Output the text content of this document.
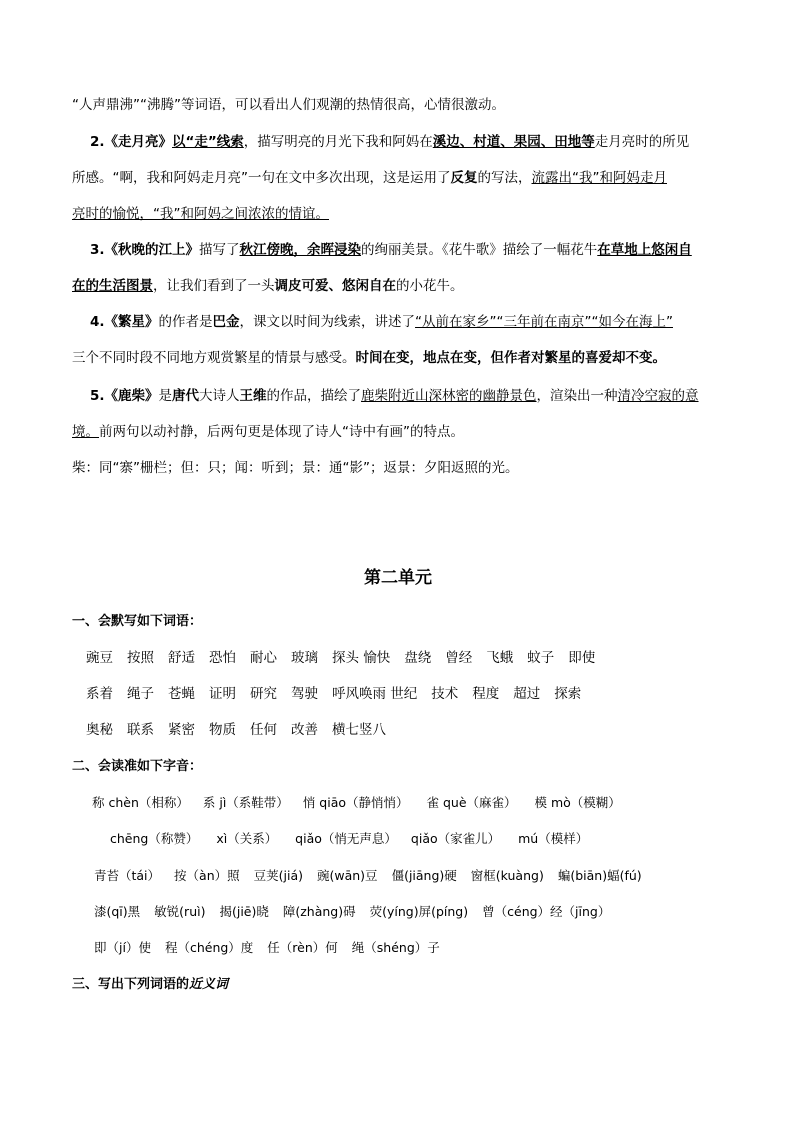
“人声鼎沸”“沸腾”等词语，可以看出人们观潮的热情很高，心情很激动。
2.《走月亮》以“走”线索，描写明亮的月光下我和阿妈在溪边、村道、果园、田地等走月亮时的所见
所感。“啊，我和阿妈走月亮”一句在文中多次出现，这是运用了反复的写法，流露出“我”和阿妈走月
亮时的愉悦，“我”和阿妈之间浓浓的情谊。
3.《秋晚的江上》描写了秋江傍晚，余晖浸染的绚丽美景。《花牛歌》描绘了一幅花牛在草地上悠闲自
在的生活图景，让我们看到了一头调皮可爱、悠闲自在的小花牛。
4.《繁星》的作者是巴金，课文以时间为线索，讲述了“从前在家乡”“三年前在南京”“如今在海上”
三个不同时段不同地方观赏繁星的情景与感受。时间在变，地点在变，但作者对繁星的喜爱却不变。
5.《鹿柴》是唐代大诗人王维的作品，描绘了鹿柴附近山深林密的幽静景色，渲染出一种清冷空寂的意
境。前两句以动衬静，后两句更是体现了诗人“诗中有画”的特点。
柴：同“寨”栅栏；但：只；闻：听到；景：通“影”；返景：夕阳返照的光。
第二单元
一、会默写如下词语：
豌豆 按照 舒适 恐怕 耐心 玻璃 探头 愉快 盘绕 曾经 飞蛾 蚊子 即使
系着 绳子 苍蝇 证明 研究 驾驶 呼风唤雨 世纪 技术 程度 超过 探索
奥秘 联系 紧密 物质 任何 改善 横七竖八
二、会读准如下字音：
称 chèn（相称） 系 jì（系鞋带） 悄 qiāo（静悄悄） 雀 què（麻雀） 模 mò（模糊）
chēng（称赞） xì（关系） qiǎo（悄无声息） qiǎo（家雀儿） mú（模样）
青苔（tái） 按（àn）照 豆荚(jiá) 豌(wān)豆 僵(jiāng)硬 窗框(kuàng) 蝙(biān)蝠(fú)
漆(qī)黑 敏锐(ruì) 揭(jiē)晓 障(zhàng)碍 荧(yíng)屏(píng) 曾（céng）经（jīng）
即（jí）使 程（chéng）度 任（rèn）何 绳（shéng）子
三、写出下列词语的近义词
